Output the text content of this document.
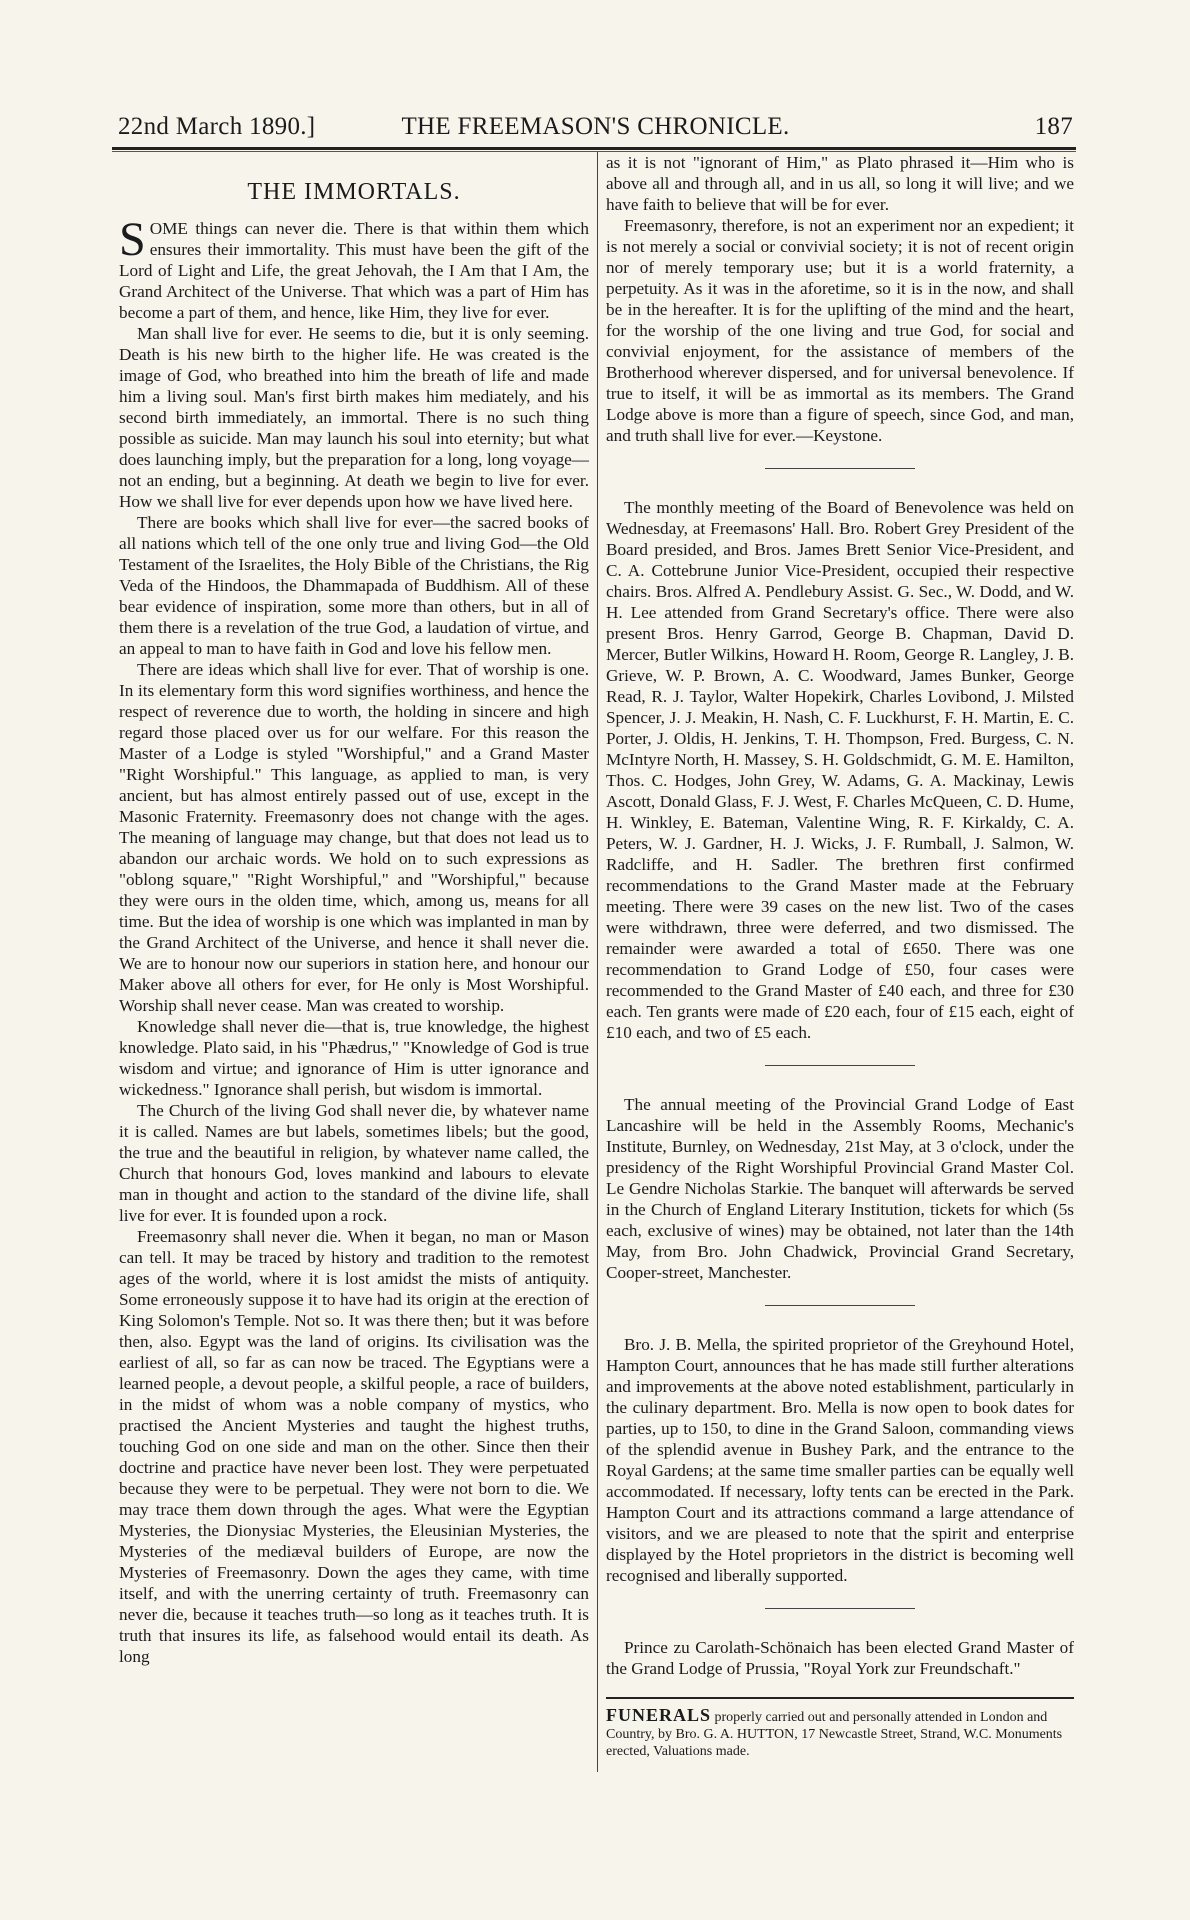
22nd March 1890.]	THE FREEMASON'S CHRONICLE.	187
THE IMMORTALS.

SOME things can never die. There is that within them which ensures their immortality. This must have been the gift of the Lord of Light and Life, the great Jehovah, the I Am that I Am, the Grand Architect of the Universe. That which was a part of Him has become a part of them, and hence, like Him, they live for ever.

Man shall live for ever. He seems to die, but it is only seeming. Death is his new birth to the higher life. He was created is the image of God, who breathed into him the breath of life and made him a living soul. Man's first birth makes him mediately, and his second birth immediately, an immortal. There is no such thing possible as suicide. Man may launch his soul into eternity; but what does launching imply, but the preparation for a long, long voyage—not an ending, but a beginning. At death we begin to live for ever. How we shall live for ever depends upon how we have lived here.

There are books which shall live for ever—the sacred books of all nations which tell of the one only true and living God—the Old Testament of the Israelites, the Holy Bible of the Christians, the Rig Veda of the Hindoos, the Dhammapada of Buddhism. All of these bear evidence of inspiration, some more than others, but in all of them there is a revelation of the true God, a laudation of virtue, and an appeal to man to have faith in God and love his fellow men.

There are ideas which shall live for ever. That of worship is one. In its elementary form this word signifies worthiness, and hence the respect of reverence due to worth, the holding in sincere and high regard those placed over us for our welfare. For this reason the Master of a Lodge is styled "Worshipful," and a Grand Master "Right Worshipful." This language, as applied to man, is very ancient, but has almost entirely passed out of use, except in the Masonic Fraternity. Freemasonry does not change with the ages. The meaning of language may change, but that does not lead us to abandon our archaic words. We hold on to such expressions as "oblong square," "Right Worshipful," and "Worshipful," because they were ours in the olden time, which, among us, means for all time. But the idea of worship is one which was implanted in man by the Grand Architect of the Universe, and hence it shall never die. We are to honour now our superiors in station here, and honour our Maker above all others for ever, for He only is Most Worshipful. Worship shall never cease. Man was created to worship.

Knowledge shall never die—that is, true knowledge, the highest knowledge. Plato said, in his "Phædrus," "Knowledge of God is true wisdom and virtue; and ignorance of Him is utter ignorance and wickedness." Ignorance shall perish, but wisdom is immortal.

The Church of the living God shall never die, by whatever name it is called. Names are but labels, sometimes libels; but the good, the true and the beautiful in religion, by whatever name called, the Church that honours God, loves mankind and labours to elevate man in thought and action to the standard of the divine life, shall live for ever. It is founded upon a rock.

Freemasonry shall never die. When it began, no man or Mason can tell. It may be traced by history and tradition to the remotest ages of the world, where it is lost amidst the mists of antiquity. Some erroneously suppose it to have had its origin at the erection of King Solomon's Temple. Not so. It was there then; but it was before then, also. Egypt was the land of origins. Its civilisation was the earliest of all, so far as can now be traced. The Egyptians were a learned people, a devout people, a skilful people, a race of builders, in the midst of whom was a noble company of mystics, who practised the Ancient Mysteries and taught the highest truths, touching God on one side and man on the other. Since then their doctrine and practice have never been lost. They were perpetuated because they were to be perpetual. They were not born to die. We may trace them down through the ages. What were the Egyptian Mysteries, the Dionysiac Mysteries, the Eleusinian Mysteries, the Mysteries of the mediæval builders of Europe, are now the Mysteries of Freemasonry. Down the ages they came, with time itself, and with the unerring certainty of truth. Freemasonry can never die, because it teaches truth—so long as it teaches truth. It is truth that insures its life, as falsehood would entail its death. As long

as it is not "ignorant of Him," as Plato phrased it—Him who is above all and through all, and in us all, so long it will live; and we have faith to believe that will be for ever.

Freemasonry, therefore, is not an experiment nor an expedient; it is not merely a social or convivial society; it is not of recent origin nor of merely temporary use; but it is a world fraternity, a perpetuity. As it was in the aforetime, so it is in the now, and shall be in the hereafter. It is for the uplifting of the mind and the heart, for the worship of the one living and true God, for social and convivial enjoyment, for the assistance of members of the Brotherhood wherever dispersed, and for universal benevolence. If true to itself, it will be as immortal as its members. The Grand Lodge above is more than a figure of speech, since God, and man, and truth shall live for ever.—Keystone.

The monthly meeting of the Board of Benevolence was held on Wednesday, at Freemasons' Hall. Bro. Robert Grey President of the Board presided, and Bros. James Brett Senior Vice-President, and C. A. Cottebrune Junior Vice-President, occupied their respective chairs. Bros. Alfred A. Pendlebury Assist. G. Sec., W. Dodd, and W. H. Lee attended from Grand Secretary's office. There were also present Bros. Henry Garrod, George B. Chapman, David D. Mercer, Butler Wilkins, Howard H. Room, George R. Langley, J. B. Grieve, W. P. Brown, A. C. Woodward, James Bunker, George Read, R. J. Taylor, Walter Hopekirk, Charles Lovibond, J. Milsted Spencer, J. J. Meakin, H. Nash, C. F. Luckhurst, F. H. Martin, E. C. Porter, J. Oldis, H. Jenkins, T. H. Thompson, Fred. Burgess, C. N. McIntyre North, H. Massey, S. H. Goldschmidt, G. M. E. Hamilton, Thos. C. Hodges, John Grey, W. Adams, G. A. Mackinay, Lewis Ascott, Donald Glass, F. J. West, F. Charles McQueen, C. D. Hume, H. Winkley, E. Bateman, Valentine Wing, R. F. Kirkaldy, C. A. Peters, W. J. Gardner, H. J. Wicks, J. F. Rumball, J. Salmon, W. Radcliffe, and H. Sadler. The brethren first confirmed recommendations to the Grand Master made at the February meeting. There were 39 cases on the new list. Two of the cases were withdrawn, three were deferred, and two dismissed. The remainder were awarded a total of £650. There was one recommendation to Grand Lodge of £50, four cases were recommended to the Grand Master of £40 each, and three for £30 each. Ten grants were made of £20 each, four of £15 each, eight of £10 each, and two of £5 each.

The annual meeting of the Provincial Grand Lodge of East Lancashire will be held in the Assembly Rooms, Mechanic's Institute, Burnley, on Wednesday, 21st May, at 3 o'clock, under the presidency of the Right Worshipful Provincial Grand Master Col. Le Gendre Nicholas Starkie. The banquet will afterwards be served in the Church of England Literary Institution, tickets for which (5s each, exclusive of wines) may be obtained, not later than the 14th May, from Bro. John Chadwick, Provincial Grand Secretary, Cooper-street, Manchester.

Bro. J. B. Mella, the spirited proprietor of the Greyhound Hotel, Hampton Court, announces that he has made still further alterations and improvements at the above noted establishment, particularly in the culinary department. Bro. Mella is now open to book dates for parties, up to 150, to dine in the Grand Saloon, commanding views of the splendid avenue in Bushey Park, and the entrance to the Royal Gardens; at the same time smaller parties can be equally well accommodated. If necessary, lofty tents can be erected in the Park. Hampton Court and its attractions command a large attendance of visitors, and we are pleased to note that the spirit and enterprise displayed by the Hotel proprietors in the district is becoming well recognised and liberally supported.

Prince zu Carolath-Schönaich has been elected Grand Master of the Grand Lodge of Prussia, "Royal York zur Freundschaft."

FUNERALS properly carried out and personally attended in London and Country, by Bro. G. A. HUTTON, 17 Newcastle Street, Strand, W.C. Monuments erected, Valuations made.
